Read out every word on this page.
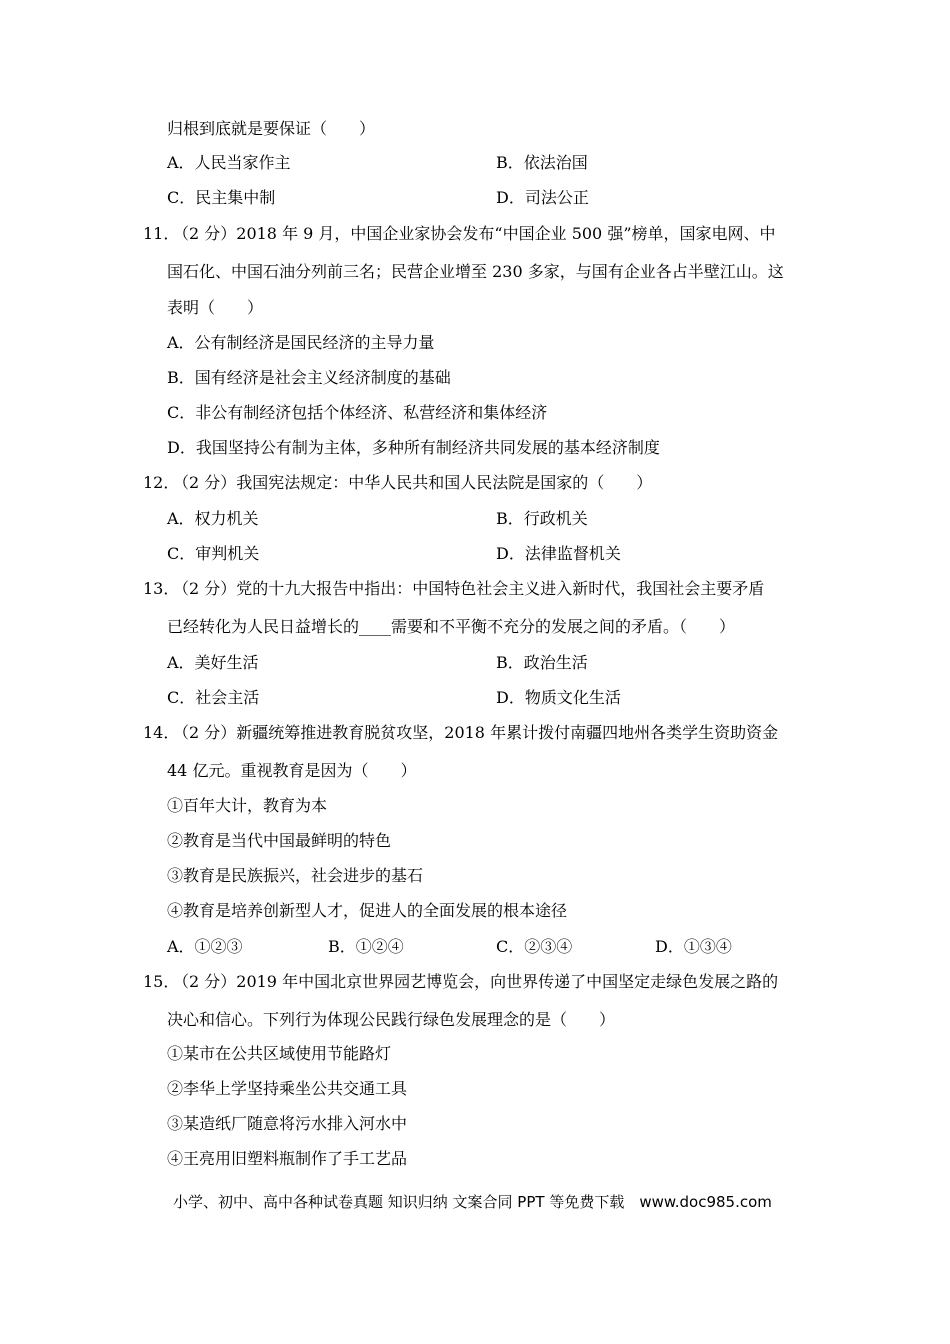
归根到底就是要保证（　　）
A．人民当家作主	B．依法治国
C．民主集中制	D．司法公正
11．
（2 分）2018 年 9 月，中国企业家协会发布“中国企业 500 强”榜单，国家电网、中
国石化、中国石油分列前三名；民营企业增至 230 多家，与国有企业各占半壁江山。这
表明（　　）
A．公有制经济是国民经济的主导力量
B．国有经济是社会主义经济制度的基础
C．非公有制经济包括个体经济、私营经济和集体经济
D．我国坚持公有制为主体，多种所有制经济共同发展的基本经济制度
12．
（2 分）我国宪法规定：中华人民共和国人民法院是国家的（　　）
A．权力机关	B．行政机关
C．审判机关	D．法律监督机关
13．
（2 分）党的十九大报告中指出：中国特色社会主义进入新时代，我国社会主要矛盾
已经转化为人民日益增长的____需要和不平衡不充分的发展之间的矛盾。（　　）
A．美好生活	B．政治生活
C．社会主活	D．物质文化生活
14．
（2 分）新疆统筹推进教育脱贫攻坚，2018 年累计拨付南疆四地州各类学生资助资金
44 亿元。重视教育是因为（　　）
①百年大计，教育为本
②教育是当代中国最鲜明的特色
③教育是民族振兴，社会进步的基石
④教育是培养创新型人才，促进人的全面发展的根本途径
A．①②③	B．①②④	C．②③④	D．①③④
15．
（2 分）2019 年中国北京世界园艺博览会，向世界传递了中国坚定走绿色发展之路的
决心和信心。下列行为体现公民践行绿色发展理念的是（　　）
①某市在公共区域使用节能路灯
②李华上学坚持乘坐公共交通工具
③某造纸厂随意将污水排入河水中
④王亮用旧塑料瓶制作了手工艺品
小学、初中、高中各种试卷真题 知识归纳 文案合同 PPT 等免费下载　www.doc985.com
